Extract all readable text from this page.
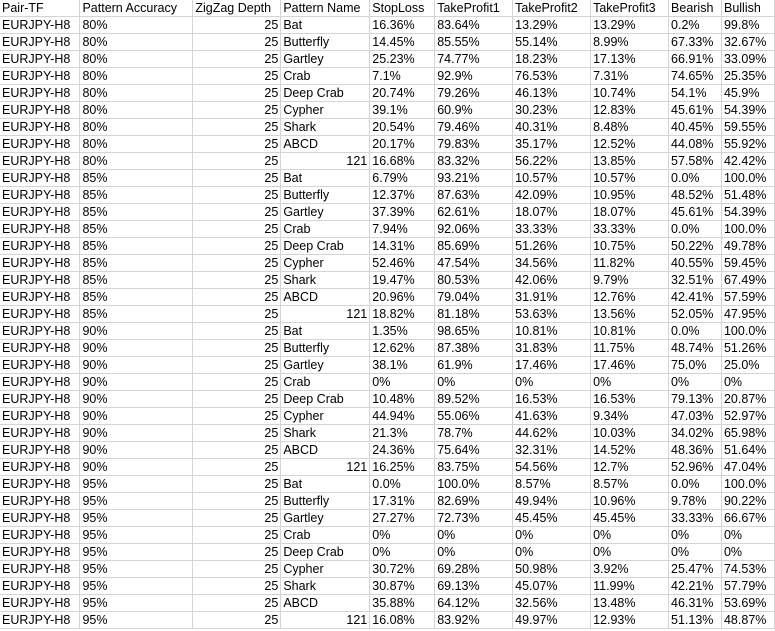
Pair-TF	Pattern Accuracy	ZigZag Depth	Pattern Name	StopLoss	TakeProfit1	TakeProfit2	TakeProfit3	Bearish	Bullish
EURJPY-H8	80%	25	Bat	16.36%	83.64%	13.29%	13.29%	0.2%	99.8%
EURJPY-H8	80%	25	Butterfly	14.45%	85.55%	55.14%	8.99%	67.33%	32.67%
EURJPY-H8	80%	25	Gartley	25.23%	74.77%	18.23%	17.13%	66.91%	33.09%
EURJPY-H8	80%	25	Crab	7.1%	92.9%	76.53%	7.31%	74.65%	25.35%
EURJPY-H8	80%	25	Deep Crab	20.74%	79.26%	46.13%	10.74%	54.1%	45.9%
EURJPY-H8	80%	25	Cypher	39.1%	60.9%	30.23%	12.83%	45.61%	54.39%
EURJPY-H8	80%	25	Shark	20.54%	79.46%	40.31%	8.48%	40.45%	59.55%
EURJPY-H8	80%	25	ABCD	20.17%	79.83%	35.17%	12.52%	44.08%	55.92%
EURJPY-H8	80%	25	121	16.68%	83.32%	56.22%	13.85%	57.58%	42.42%
EURJPY-H8	85%	25	Bat	6.79%	93.21%	10.57%	10.57%	0.0%	100.0%
EURJPY-H8	85%	25	Butterfly	12.37%	87.63%	42.09%	10.95%	48.52%	51.48%
EURJPY-H8	85%	25	Gartley	37.39%	62.61%	18.07%	18.07%	45.61%	54.39%
EURJPY-H8	85%	25	Crab	7.94%	92.06%	33.33%	33.33%	0.0%	100.0%
EURJPY-H8	85%	25	Deep Crab	14.31%	85.69%	51.26%	10.75%	50.22%	49.78%
EURJPY-H8	85%	25	Cypher	52.46%	47.54%	34.56%	11.82%	40.55%	59.45%
EURJPY-H8	85%	25	Shark	19.47%	80.53%	42.06%	9.79%	32.51%	67.49%
EURJPY-H8	85%	25	ABCD	20.96%	79.04%	31.91%	12.76%	42.41%	57.59%
EURJPY-H8	85%	25	121	18.82%	81.18%	53.63%	13.56%	52.05%	47.95%
EURJPY-H8	90%	25	Bat	1.35%	98.65%	10.81%	10.81%	0.0%	100.0%
EURJPY-H8	90%	25	Butterfly	12.62%	87.38%	31.83%	11.75%	48.74%	51.26%
EURJPY-H8	90%	25	Gartley	38.1%	61.9%	17.46%	17.46%	75.0%	25.0%
EURJPY-H8	90%	25	Crab	0%	0%	0%	0%	0%	0%
EURJPY-H8	90%	25	Deep Crab	10.48%	89.52%	16.53%	16.53%	79.13%	20.87%
EURJPY-H8	90%	25	Cypher	44.94%	55.06%	41.63%	9.34%	47.03%	52.97%
EURJPY-H8	90%	25	Shark	21.3%	78.7%	44.62%	10.03%	34.02%	65.98%
EURJPY-H8	90%	25	ABCD	24.36%	75.64%	32.31%	14.52%	48.36%	51.64%
EURJPY-H8	90%	25	121	16.25%	83.75%	54.56%	12.7%	52.96%	47.04%
EURJPY-H8	95%	25	Bat	0.0%	100.0%	8.57%	8.57%	0.0%	100.0%
EURJPY-H8	95%	25	Butterfly	17.31%	82.69%	49.94%	10.96%	9.78%	90.22%
EURJPY-H8	95%	25	Gartley	27.27%	72.73%	45.45%	45.45%	33.33%	66.67%
EURJPY-H8	95%	25	Crab	0%	0%	0%	0%	0%	0%
EURJPY-H8	95%	25	Deep Crab	0%	0%	0%	0%	0%	0%
EURJPY-H8	95%	25	Cypher	30.72%	69.28%	50.98%	3.92%	25.47%	74.53%
EURJPY-H8	95%	25	Shark	30.87%	69.13%	45.07%	11.99%	42.21%	57.79%
EURJPY-H8	95%	25	ABCD	35.88%	64.12%	32.56%	13.48%	46.31%	53.69%
EURJPY-H8	95%	25	121	16.08%	83.92%	49.97%	12.93%	51.13%	48.87%
